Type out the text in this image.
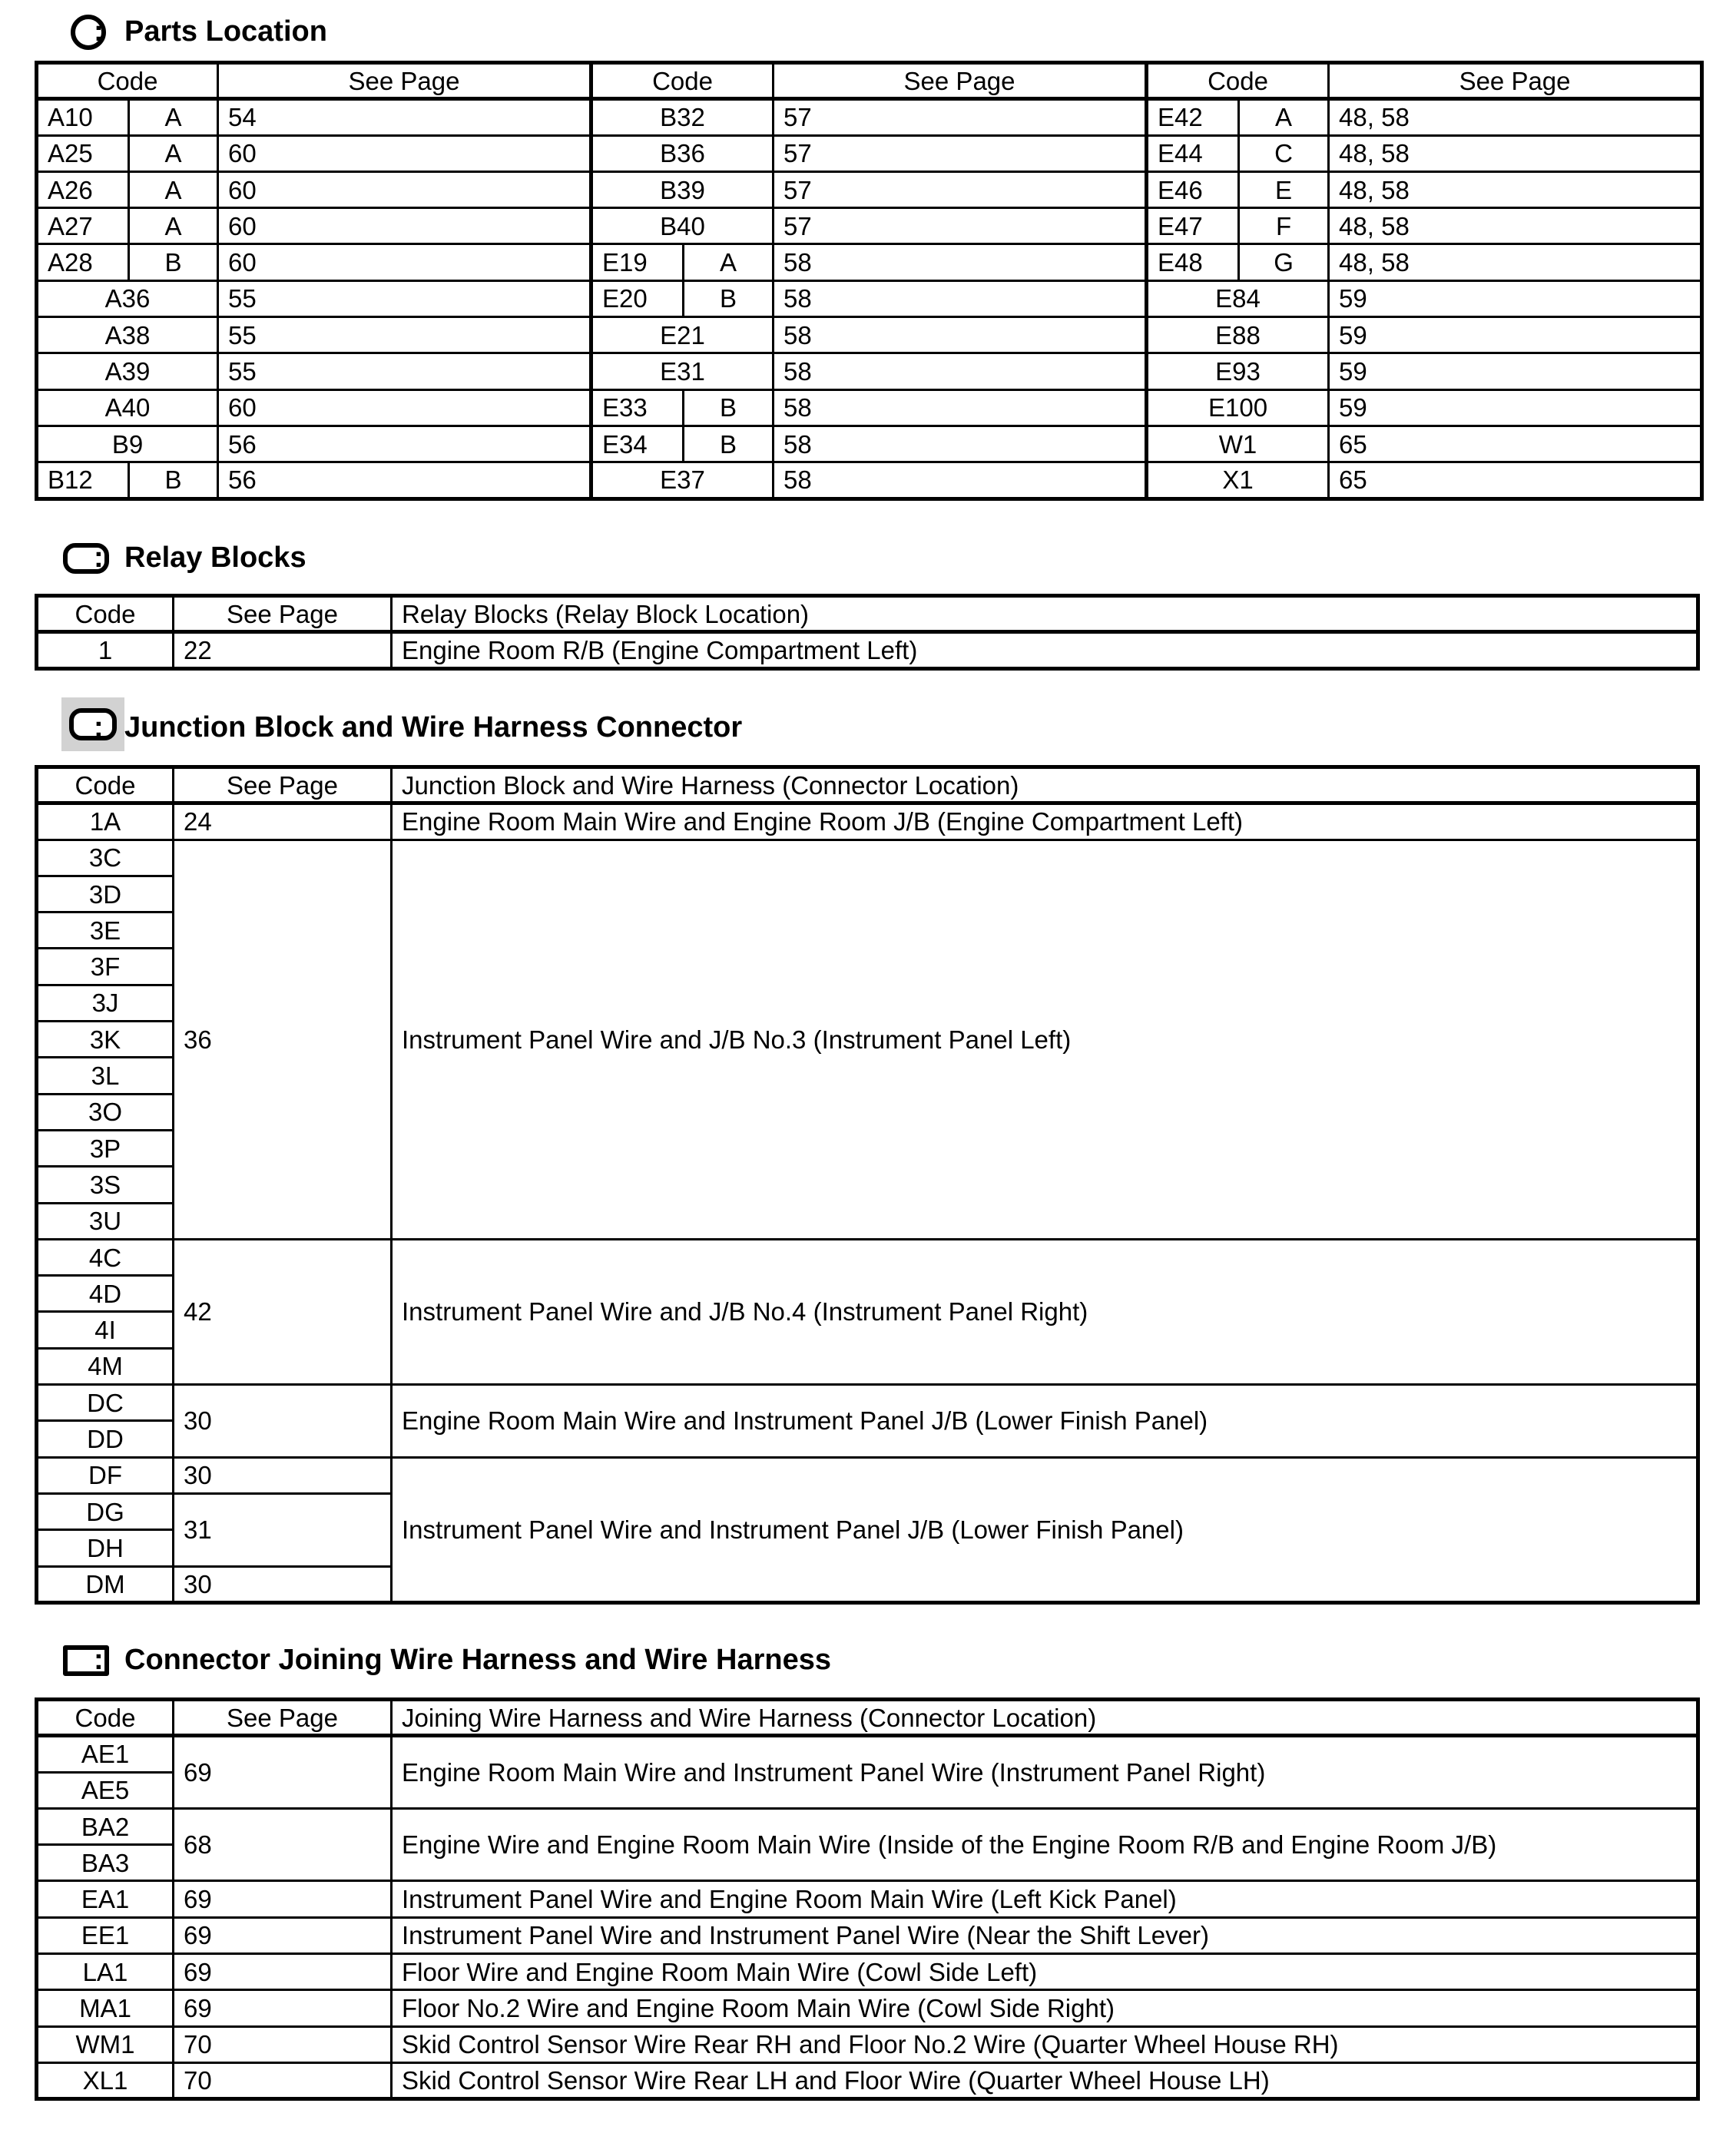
: Parts Location
Code		See Page	Code		See Page	Code		See Page
A10	A	54	B32		57	E42	A	48, 58
A25	A	60	B36		57	E44	C	48, 58
A26	A	60	B39		57	E46	E	48, 58
A27	A	60	B40		57	E47	F	48, 58
A28	B	60	E19	A	58	E48	G	48, 58
A36		55	E20	B	58	E84		59
A38		55	E21		58	E88		59
A39		55	E31		58	E93		59
A40		60	E33	B	58	E100		59
B9		56	E34	B	58	W1		65
B12	B	56	E37		58	X1		65
: Relay Blocks
Code	See Page	Relay Blocks (Relay Block Location)
1	22	Engine Room R/B (Engine Compartment Left)
: Junction Block and Wire Harness Connector
Code	See Page	Junction Block and Wire Harness (Connector Location)
1A	24	Engine Room Main Wire and Engine Room J/B (Engine Compartment Left)
3C	36	Instrument Panel Wire and J/B No.3 (Instrument Panel Left)
3D		
3E		
3F		
3J		
3K		
3L		
3O		
3P		
3S		
3U		
4C	42	Instrument Panel Wire and J/B No.4 (Instrument Panel Right)
4D		
4I		
4M		
DC	30	Engine Room Main Wire and Instrument Panel J/B (Lower Finish Panel)
DD		
DF	30	Instrument Panel Wire and Instrument Panel J/B (Lower Finish Panel)
DG	31	
DH		
DM	30	
: Connector Joining Wire Harness and Wire Harness
Code	See Page	Joining Wire Harness and Wire Harness (Connector Location)
AE1	69	Engine Room Main Wire and Instrument Panel Wire (Instrument Panel Right)
AE5		
BA2	68	Engine Wire and Engine Room Main Wire (Inside of the Engine Room R/B and Engine Room J/B)
BA3		
EA1	69	Instrument Panel Wire and Engine Room Main Wire (Left Kick Panel)
EE1	69	Instrument Panel Wire and Instrument Panel Wire (Near the Shift Lever)
LA1	69	Floor Wire and Engine Room Main Wire (Cowl Side Left)
MA1	69	Floor No.2 Wire and Engine Room Main Wire (Cowl Side Right)
WM1	70	Skid Control Sensor Wire Rear RH and Floor No.2 Wire (Quarter Wheel House RH)
XL1	70	Skid Control Sensor Wire Rear LH and Floor Wire (Quarter Wheel House LH)
